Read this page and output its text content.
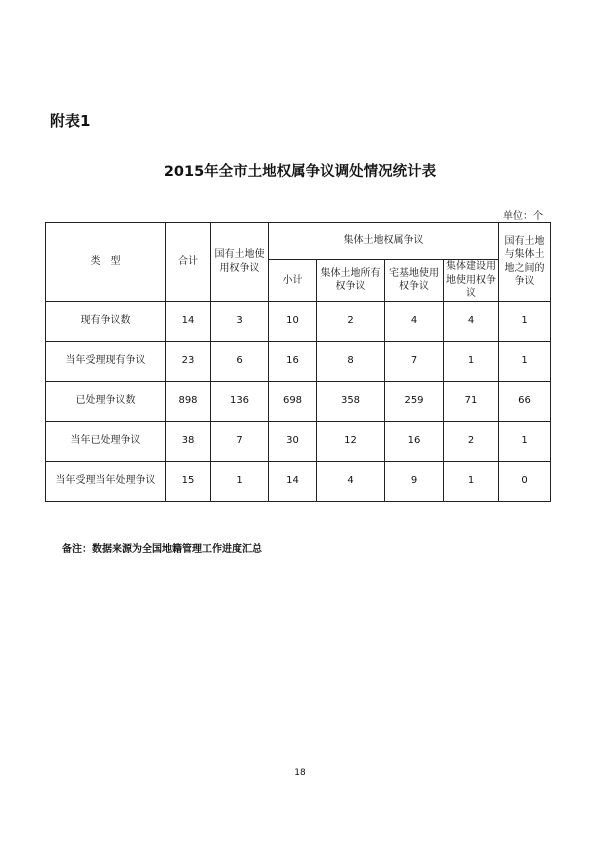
附表1
2015年全市土地权属争议调处情况统计表
单位：个
类　型	合计	国有土地使用权争议	集体土地权属争议				国有土地与集体土地之间的争议
			小计	集体土地所有权争议	宅基地使用权争议	集体建设用地使用权争议	
现有争议数	14	3	10	2	4	4	1
当年受理现有争议	23	6	16	8	7	1	1
已处理争议数	898	136	698	358	259	71	66
当年已处理争议	38	7	30	12	16	2	1
当年受理当年处理争议	15	1	14	4	9	1	0
备注：数据来源为全国地籍管理工作进度汇总
18
